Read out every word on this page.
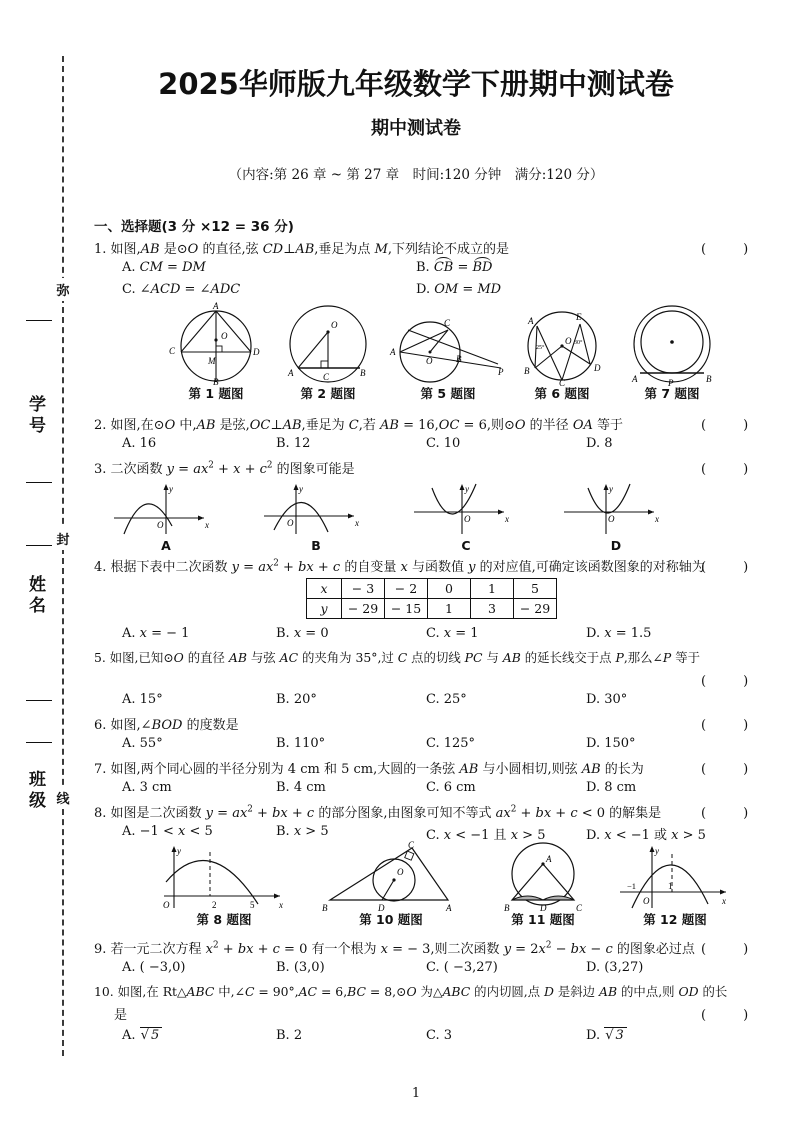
弥
封
线
学号
姓名
班级
2025华师版九年级数学下册期中测试卷
期中测试卷
（内容:第 26 章 ~ 第 27 章　时间:120 分钟　满分:120 分）
一、选择题(3 分 ×12 = 36 分)
1. 如图,AB 是⊙O 的直径,弦 CD⊥AB,垂足为点 M,下列结论不成立的是	(　)
A. CM = DM	B. CB = BD
C. ∠ACD = ∠ADC	D. OM = MD
A
O
C	D
M
B
第 1 题图
O
A	C	B
第 2 题图
C
A
O	B
P
第 5 题图
A	E
O
25°
30°
B
C
D
第 6 题图
A	P	B
第 7 题图
2. 如图,在⊙O 中,AB 是弦,OC⊥AB,垂足为 C,若 AB = 16,OC = 6,则⊙O 的半径 OA 等于	(　)
A. 16	B. 12	C. 10	D. 8
3. 二次函数 $y = ax^2 + x + c^2$ 的图象可能是	(　)
O	x
y
A
O	x
y
B
O	x
y
C
O	x
y
D
4. 根据下表中二次函数 $y = ax^2$ + bx + c 的自变量 x 与函数值 y 的对应值,可确定该函数图象的对称轴为
(　)
x	− 3	− 2	0	1	5
y	− 29	− 15	1	3	− 29
A. x = − 1	B. x = 0	C. x = 1	D. x = 1.5
5. 如图,已知⊙O 的直径 AB 与弦 AC 的夹角为 35°,过 C 点的切线 PC 与 AB 的延长线交于点 P,那么∠P 等于
(　)
A. 15°	B. 20°	C. 25°	D. 30°
6. 如图,∠BOD 的度数是	(　)
A. 55°	B. 110°	C. 125°	D. 150°
7. 如图,两个同心圆的半径分别为 4 cm 和 5 cm,大圆的一条弦 AB 与小圆相切,则弦 AB 的长为	(　)
A. 3 cm	B. 4 cm	C. 6 cm	D. 8 cm
8. 如图是二次函数 $y = ax^2$ + bx + c 的部分图象,由图象可知不等式 $ax^2$ + bx + c < 0 的解集是	(　)
A. −1 < x < 5	B. x > 5	C. x < −1 且 x > 5	D. x < −1 或 x > 5
O	2	5	x
y
第 8 题图
C
O
B	D	A
第 10 题图
A
B	D	C
第 11 题图
−1
O
1
x
y
第 12 题图
9. 若一元二次方程 $x^2$ + bx + c = 0 有一个根为 x = − 3,则二次函数 $y = 2x^2$ − bx − c 的图象必过点 (　)
A. ( −3,0)	B. (3,0)	C. ( −3,27)	D. (3,27)
10. 如图,在 Rt△ABC 中,∠C = 90°,AC = 6,BC = 8,⊙O 为△ABC 的内切圆,点 D 是斜边 AB 的中点,则 OD 的长
是	(　)
A. √ 5	B. 2	C. 3	D. √ 3
1
